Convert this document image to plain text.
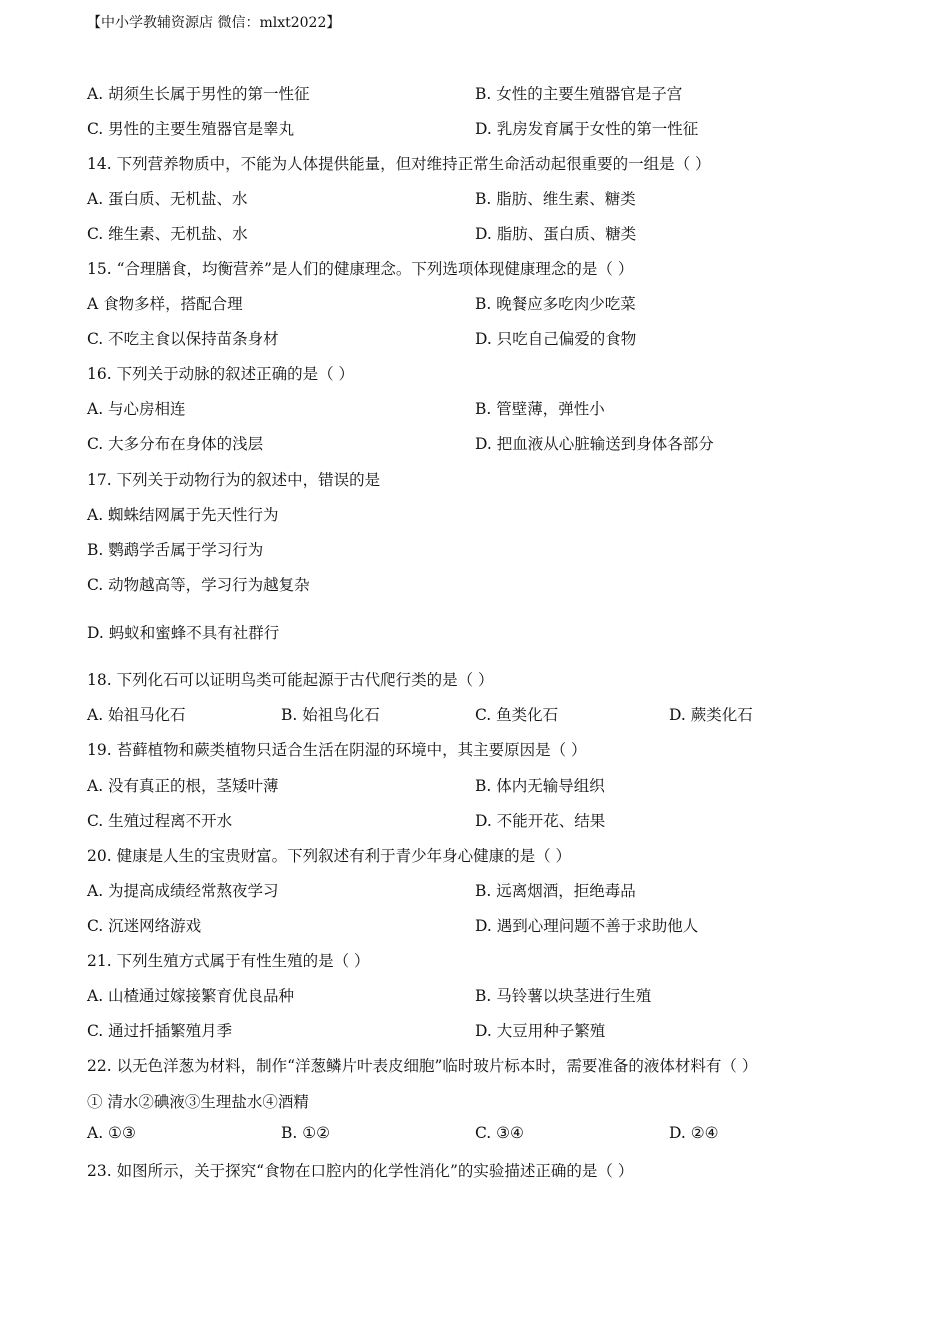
【中小学教辅资源店 微信：mlxt2022】
A. 胡须生长属于男性的第一性征	B. 女性的主要生殖器官是子宫
C. 男性的主要生殖器官是睾丸	D. 乳房发育属于女性的第一性征
14. 下列营养物质中，不能为人体提供能量，但对维持正常生命活动起很重要的一组是（ ）
A. 蛋白质、无机盐、水	B. 脂肪、维生素、糖类
C. 维生素、无机盐、水	D. 脂肪、蛋白质、糖类
15. “合理膳食，均衡营养”是人们的健康理念。下列选项体现健康理念的是（ ）
A 食物多样，搭配合理	B. 晚餐应多吃肉少吃菜
C. 不吃主食以保持苗条身材	D. 只吃自己偏爱的食物
16. 下列关于动脉的叙述正确的是（ ）
A. 与心房相连	B. 管壁薄，弹性小
C. 大多分布在身体的浅层	D. 把血液从心脏输送到身体各部分
17. 下列关于动物行为的叙述中，错误的是
A. 蜘蛛结网属于先天性行为
B. 鹦鹉学舌属于学习行为
C. 动物越高等，学习行为越复杂
D. 蚂蚁和蜜蜂不具有社群行
18. 下列化石可以证明鸟类可能起源于古代爬行类的是（ ）
A. 始祖马化石	B. 始祖鸟化石	C. 鱼类化石	D. 蕨类化石
19. 苔藓植物和蕨类植物只适合生活在阴湿的环境中，其主要原因是（ ）
A. 没有真正的根，茎矮叶薄	B. 体内无输导组织
C. 生殖过程离不开水	D. 不能开花、结果
20. 健康是人生的宝贵财富。下列叙述有利于青少年身心健康的是（ ）
A. 为提高成绩经常熬夜学习	B. 远离烟酒，拒绝毒品
C. 沉迷网络游戏	D. 遇到心理问题不善于求助他人
21. 下列生殖方式属于有性生殖的是（ ）
A. 山楂通过嫁接繁育优良品种	B. 马铃薯以块茎进行生殖
C. 通过扦插繁殖月季	D. 大豆用种子繁殖
22. 以无色洋葱为材料，制作“洋葱鳞片叶表皮细胞”临时玻片标本时，需要准备的液体材料有（ ）
① 清水②碘液③生理盐水④酒精
A. ①③	B. ①②	C. ③④	D. ②④
23. 如图所示，关于探究“食物在口腔内的化学性消化”的实验描述正确的是（ ）
